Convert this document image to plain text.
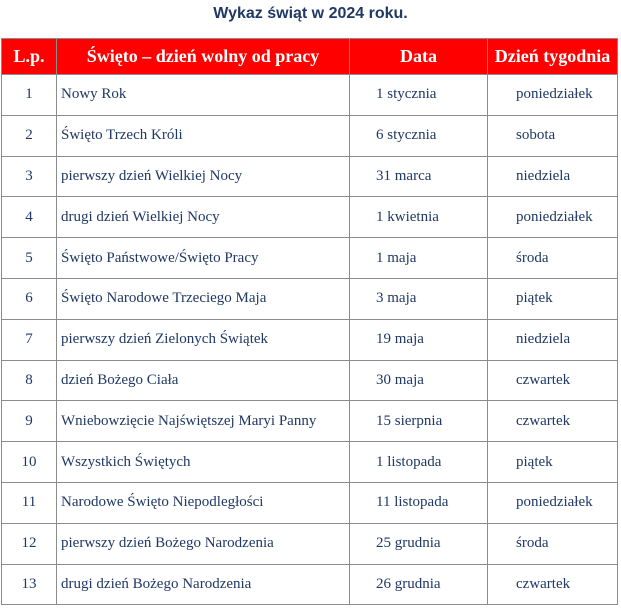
Wykaz świąt w 2024 roku.
L.p.	Święto – dzień wolny od pracy	Data	Dzień tygodnia
1	Nowy Rok	1 stycznia	poniedziałek
2	Święto Trzech Króli	6 stycznia	sobota
3	pierwszy dzień Wielkiej Nocy	31 marca	niedziela
4	drugi dzień Wielkiej Nocy	1 kwietnia	poniedziałek
5	Święto Państwowe/Święto Pracy	1 maja	środa
6	Święto Narodowe Trzeciego Maja	3 maja	piątek
7	pierwszy dzień Zielonych Świątek	19 maja	niedziela
8	dzień Bożego Ciała	30 maja	czwartek
9	Wniebowzięcie Najświętszej Maryi Panny	15 sierpnia	czwartek
10	Wszystkich Świętych	1 listopada	piątek
11	Narodowe Święto Niepodległości	11 listopada	poniedziałek
12	pierwszy dzień Bożego Narodzenia	25 grudnia	środa
13	drugi dzień Bożego Narodzenia	26 grudnia	czwartek
